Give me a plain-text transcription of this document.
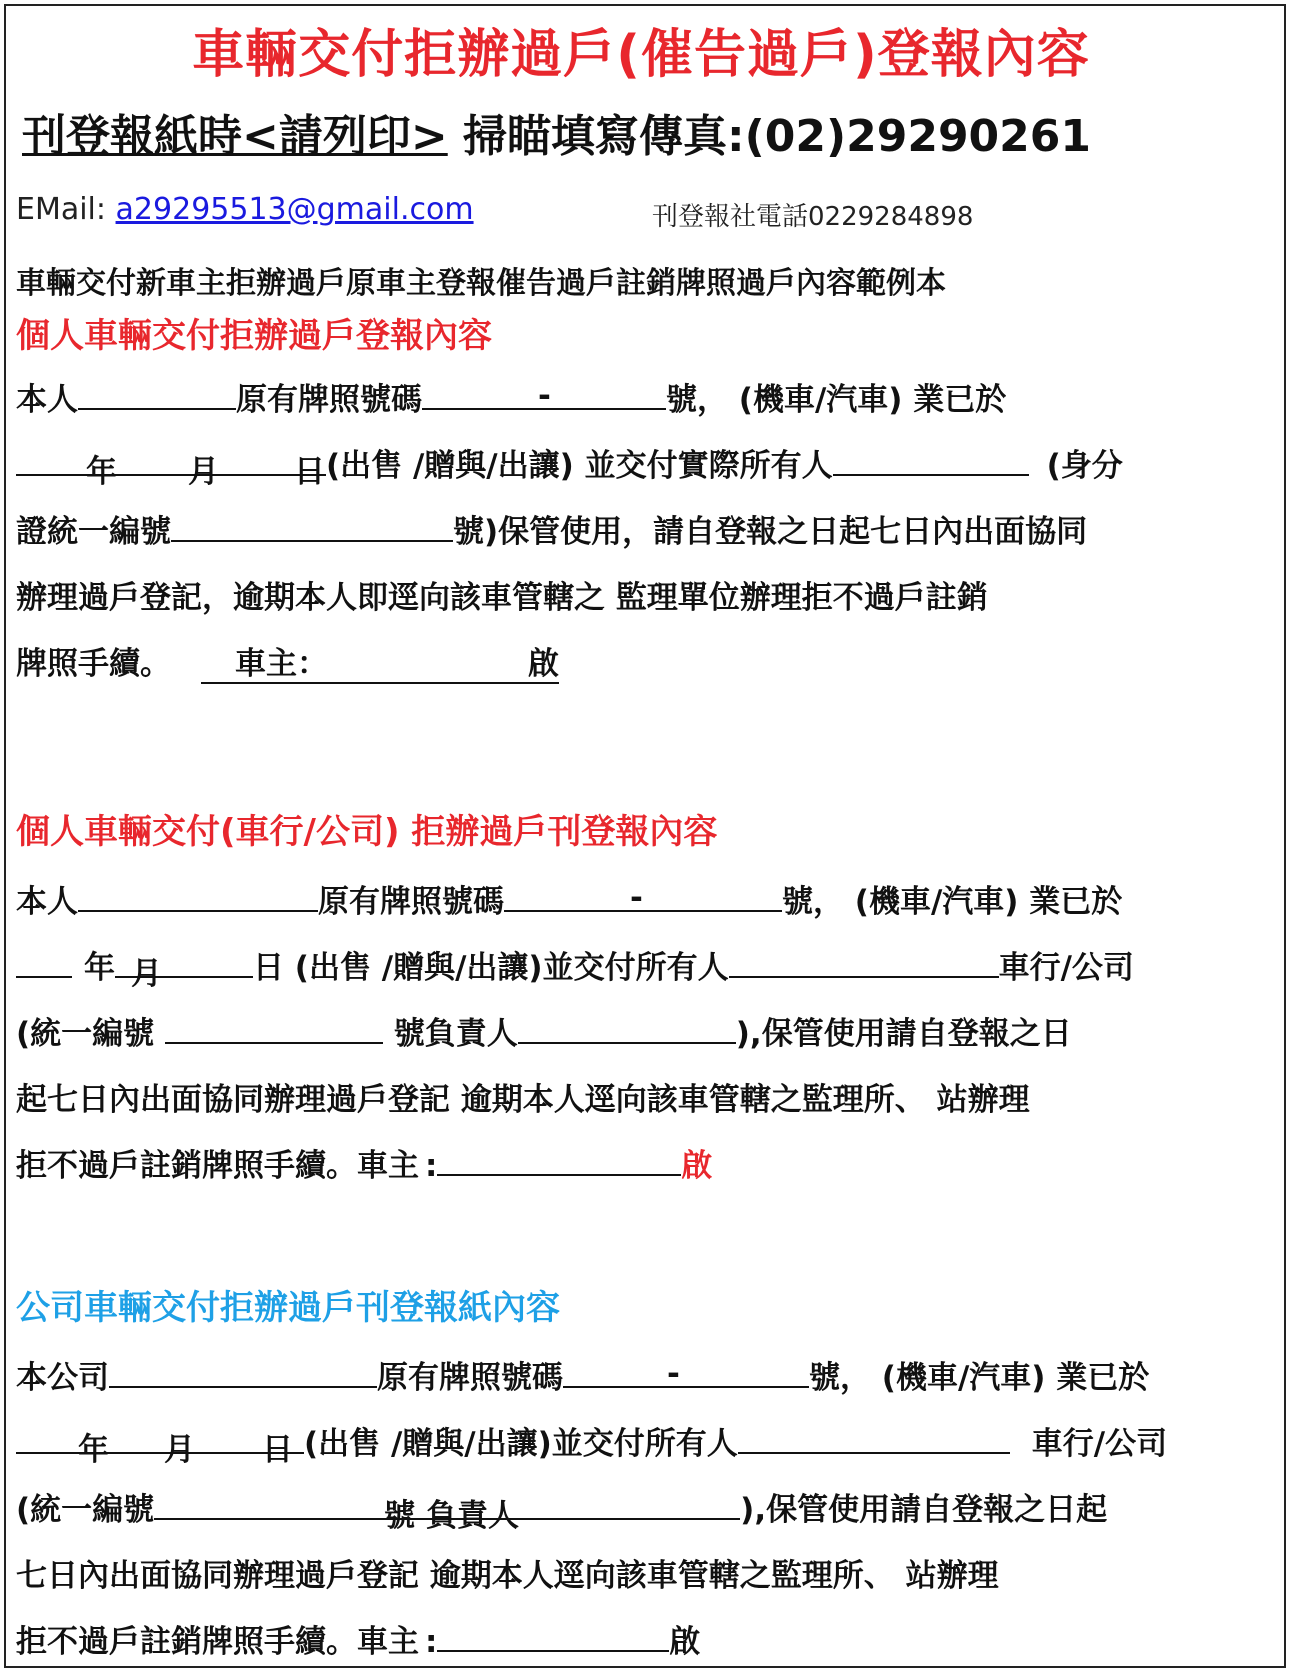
車輛交付拒辦過戶(催告過戶)登報內容
刊登報紙時<請列印> 掃瞄填寫傳真:(02)29290261
EMail: a29295513@gmail.com	刊登報社電話0229284898
車輛交付新車主拒辦過戶原車主登報催告過戶註銷牌照過戶內容範例本
個人車輛交付拒辦過戶登報內容
本人	原有牌照號碼	-	號， (機車/汽車) 業已於
年 月 日 (出售 /贈與/出讓) 並交付實際所有人	(身分
證統一編號	號)保管使用，請自登報之日起七日內出面協同
辦理過戶登記，逾期本人即逕向該車管轄之 監理單位辦理拒不過戶註銷
牌照手續。 車主：	啟
個人車輛交付(車行/公司) 拒辦過戶刊登報內容
本人	原有牌照號碼	-	號， (機車/汽車) 業已於
年 月	日 (出售 /贈與/出讓)並交付所有人	車行/公司
(統一編號	號負責人	),保管使用請自登報之日
起七日內出面協同辦理過戶登記 逾期本人逕向該車管轄之監理所、 站辦理
拒不過戶註銷牌照手續。車主 :	啟
公司車輛交付拒辦過戶刊登報紙內容
本公司	原有牌照號碼	-	號， (機車/汽車) 業已於
年 月 日 (出售 /贈與/出讓)並交付所有人	車行/公司
(統一編號	號 負責人	),保管使用請自登報之日起
七日內出面協同辦理過戶登記 逾期本人逕向該車管轄之監理所、 站辦理
拒不過戶註銷牌照手續。車主 :	啟
